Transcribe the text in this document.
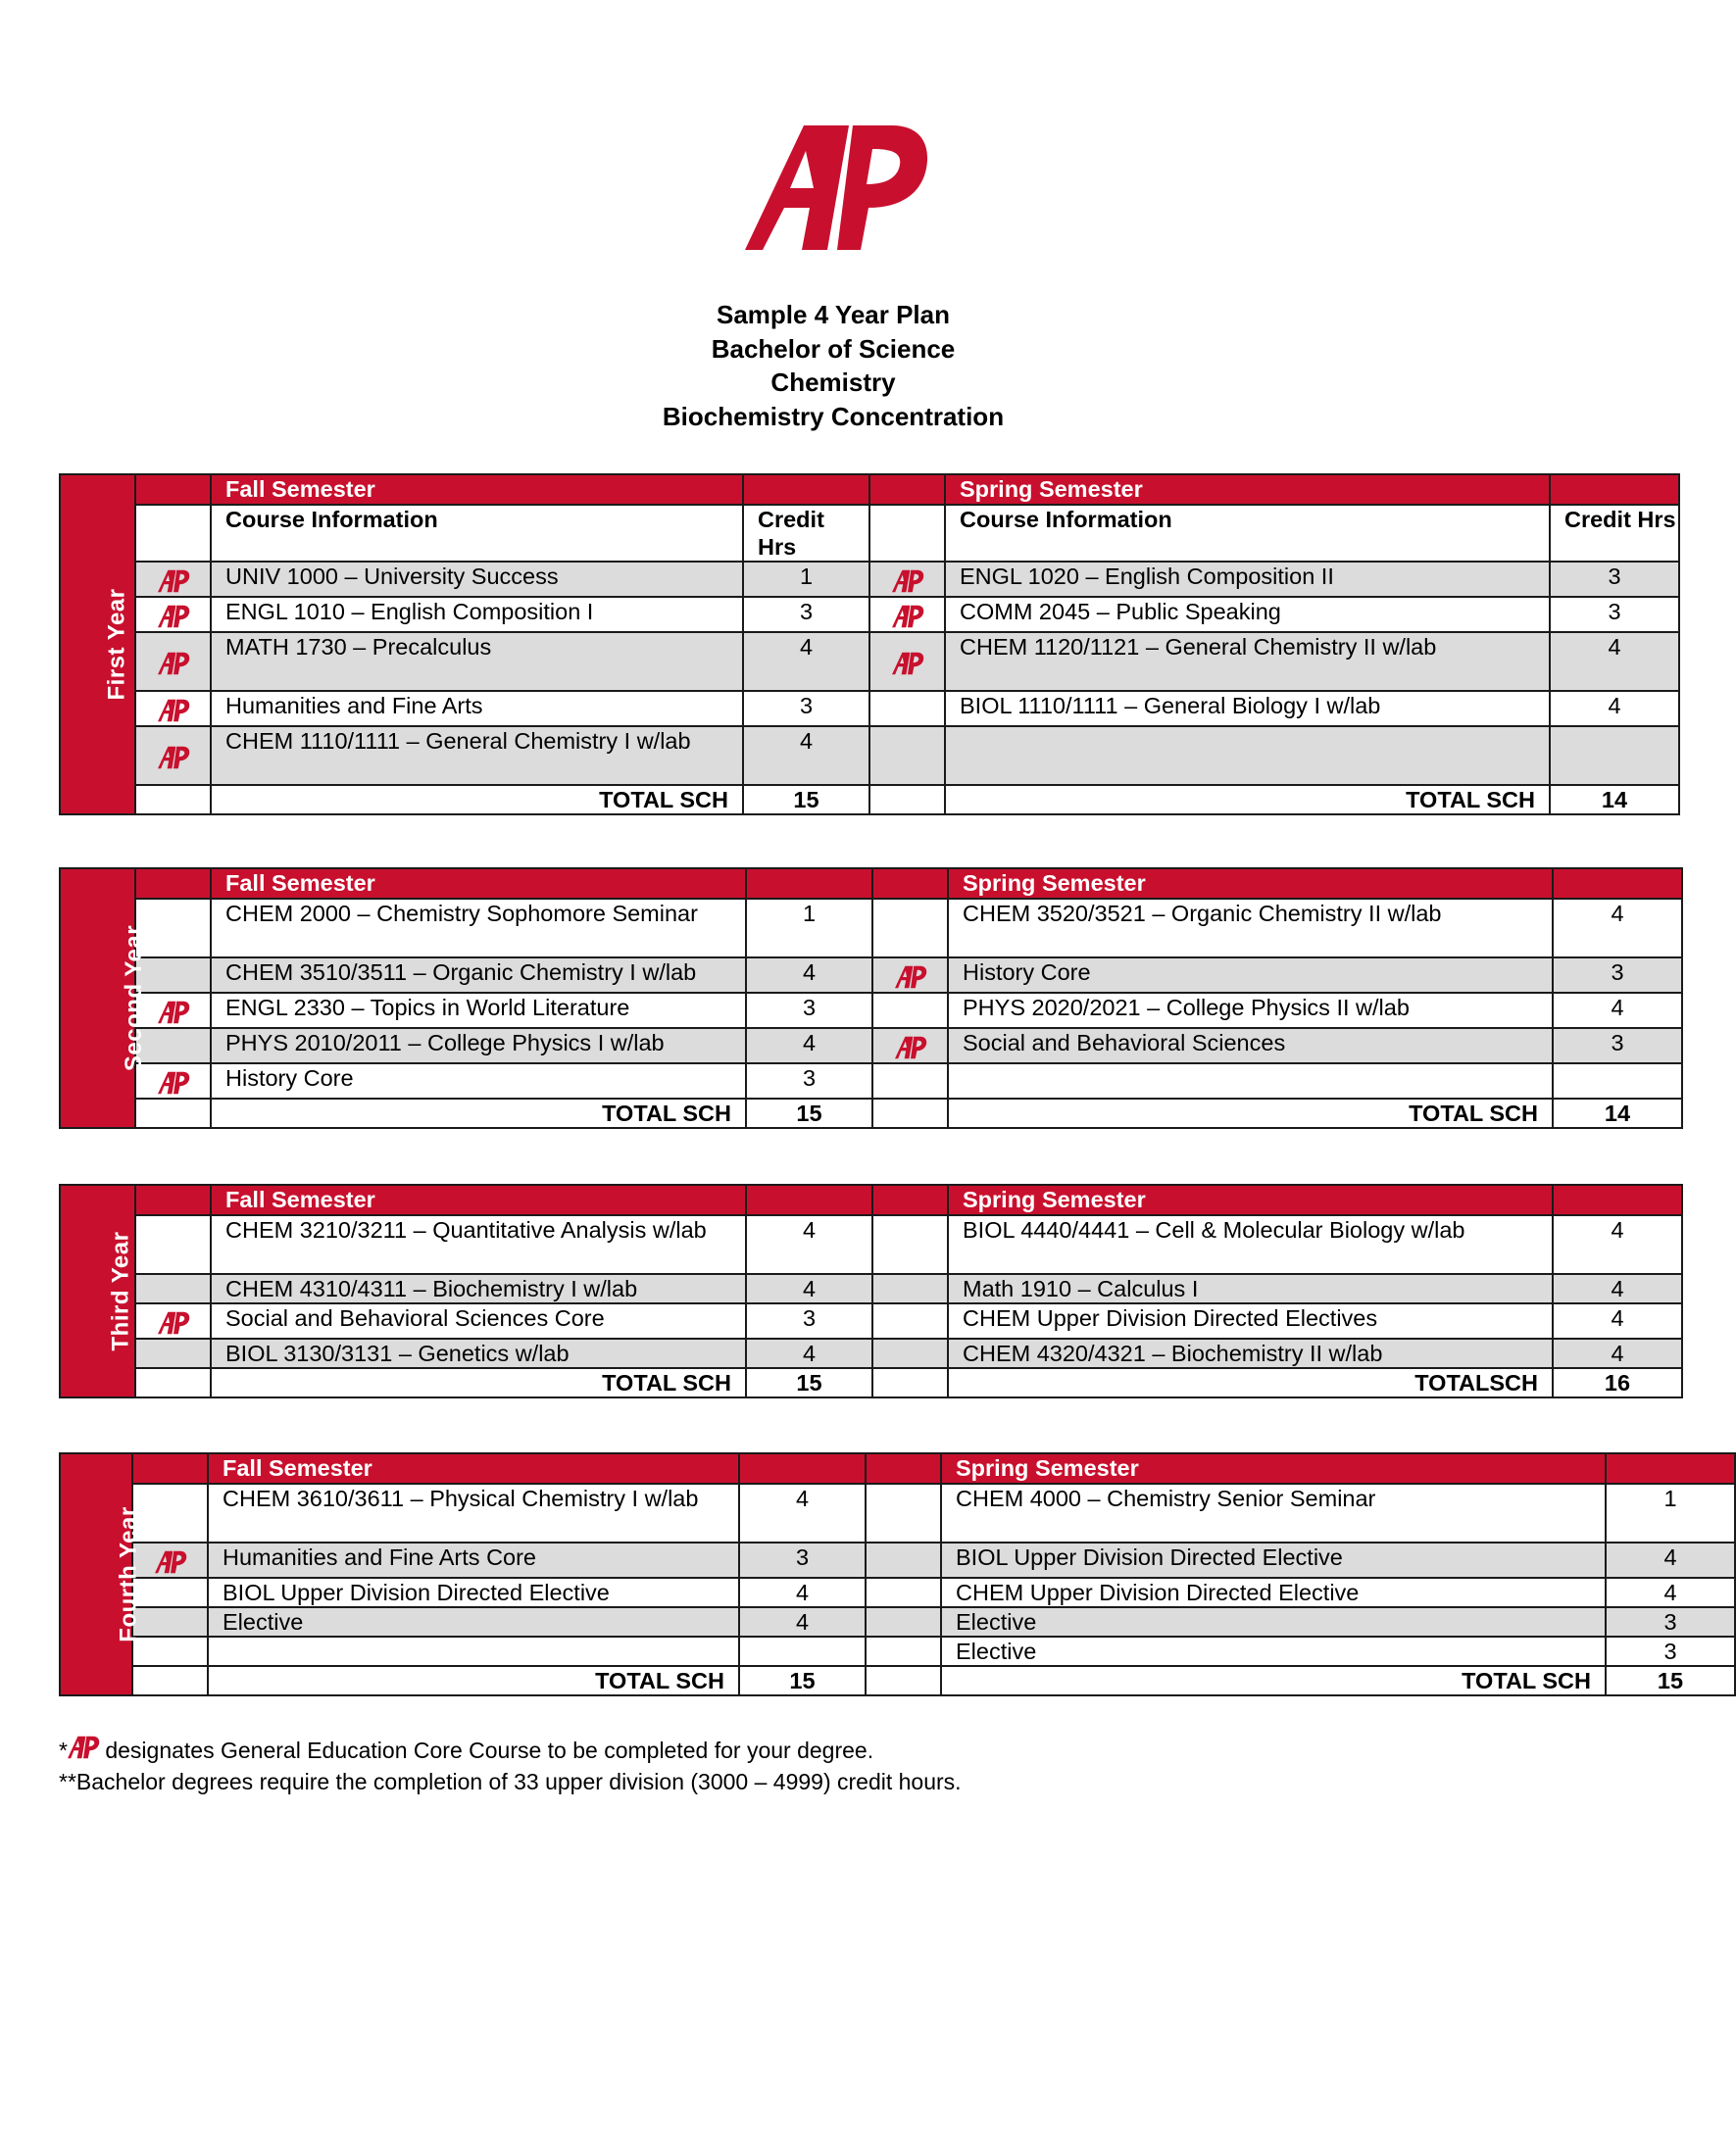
Sample 4 Year Plan
Bachelor of Science
Chemistry
Biochemistry Concentration
First Year		Fall Semester			Spring Semester	
		Course Information	Credit Hrs		Course Information	Credit Hrs
	UNIV 1000 – University Success	1		ENGL 1020 – English Composition II	3
	ENGL 1010 – English Composition I	3		COMM 2045 – Public Speaking	3
	MATH 1730 – Precalculus	4		CHEM 1120/1121 – General Chemistry II w/lab	4
	Humanities and Fine Arts	3		BIOL 1110/1111 – General Biology I w/lab	4
	CHEM 1110/1111 – General Chemistry I w/lab	4			
		TOTAL SCH	15		TOTAL SCH	14
Second Year		Fall Semester			Spring Semester	
		CHEM 2000 – Chemistry Sophomore Seminar	1		CHEM 3520/3521 – Organic Chemistry II w/lab	4
		CHEM 3510/3511 – Organic Chemistry I w/lab	4		History Core	3
	ENGL 2330 – Topics in World Literature	3		PHYS 2020/2021 – College Physics II w/lab	4
		PHYS 2010/2011 – College Physics I w/lab	4		Social and Behavioral Sciences	3
	History Core	3			
		TOTAL SCH	15		TOTAL SCH	14
Third Year		Fall Semester			Spring Semester	
		CHEM 3210/3211 – Quantitative Analysis w/lab	4		BIOL 4440/4441 – Cell & Molecular Biology w/lab	4
		CHEM 4310/4311 – Biochemistry I w/lab	4		Math 1910 – Calculus I	4
	Social and Behavioral Sciences Core	3		CHEM Upper Division Directed Electives	4
		BIOL 3130/3131 – Genetics w/lab	4		CHEM 4320/4321 – Biochemistry II w/lab	4
		TOTAL SCH	15		TOTALSCH	16
Fourth Year		Fall Semester			Spring Semester	
		CHEM 3610/3611 – Physical Chemistry I w/lab	4		CHEM 4000 – Chemistry Senior Seminar	1
	Humanities and Fine Arts Core	3		BIOL Upper Division Directed Elective	4
		BIOL Upper Division Directed Elective	4		CHEM Upper Division Directed Elective	4
		Elective	4		Elective	3
					Elective	3
		TOTAL SCH	15		TOTAL SCH	15
* designates General Education Core Course to be completed for your degree.
**Bachelor degrees require the completion of 33 upper division (3000 – 4999) credit hours.
